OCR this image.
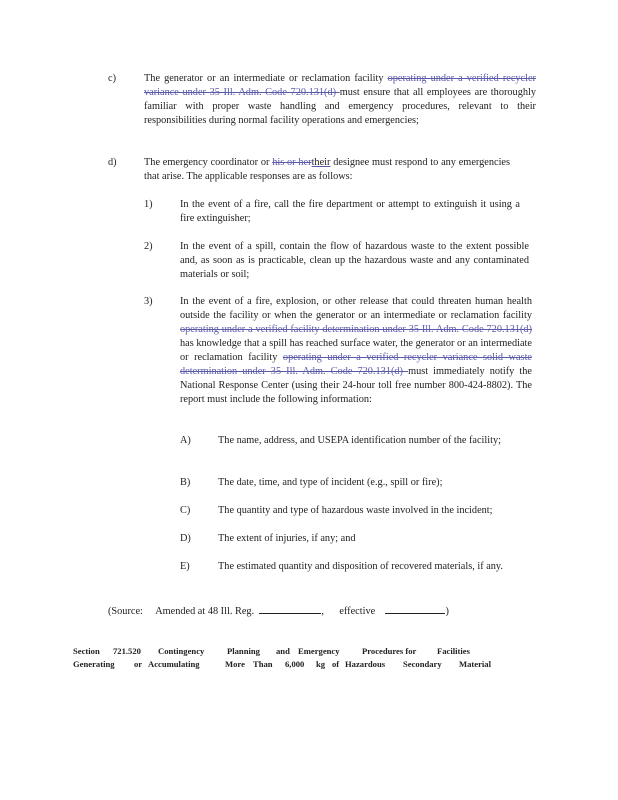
c)	The generator or an intermediate or reclamation facility operating under a verified recycler variance under 35 Ill. Adm. Code 720.131(d) must ensure that all employees are thoroughly familiar with proper waste handling and emergency procedures, relevant to their responsibilities during normal facility operations and emergencies;
d)	The emergency coordinator or his or hertheir designee must respond to any emergencies that arise. The applicable responses are as follows:
1)	In the event of a fire, call the fire department or attempt to extinguish it using a fire extinguisher;
2)	In the event of a spill, contain the flow of hazardous waste to the extent possible and, as soon as is practicable, clean up the hazardous waste and any contaminated materials or soil;
3)	In the event of a fire, explosion, or other release that could threaten human health outside the facility or when the generator or an intermediate or reclamation facility operating under a verified facility determination under 35 Ill. Adm. Code 720.131(d) has knowledge that a spill has reached surface water, the generator or an intermediate or reclamation facility operating under a verified recycler variance solid waste determination under 35 Ill. Adm. Code 720.131(d) must immediately notify the National Response Center (using their 24-hour toll free number 800-424-8802). The report must include the following information:
A)	The name, address, and USEPA identification number of the facility;
B)	The date, time, and type of incident (e.g., spill or fire);
C)	The quantity and type of hazardous waste involved in the incident;
D)	The extent of injuries, if any; and
E)	The estimated quantity and disposition of recovered materials, if any.
(Source: Amended at 48 Ill. Reg.	, effective	)
Section 721.520 Contingency	Planning and Emergency	Procedures for Facilities
Generating or Accumulating	More Than 6,000 kg of Hazardous Secondary Material
